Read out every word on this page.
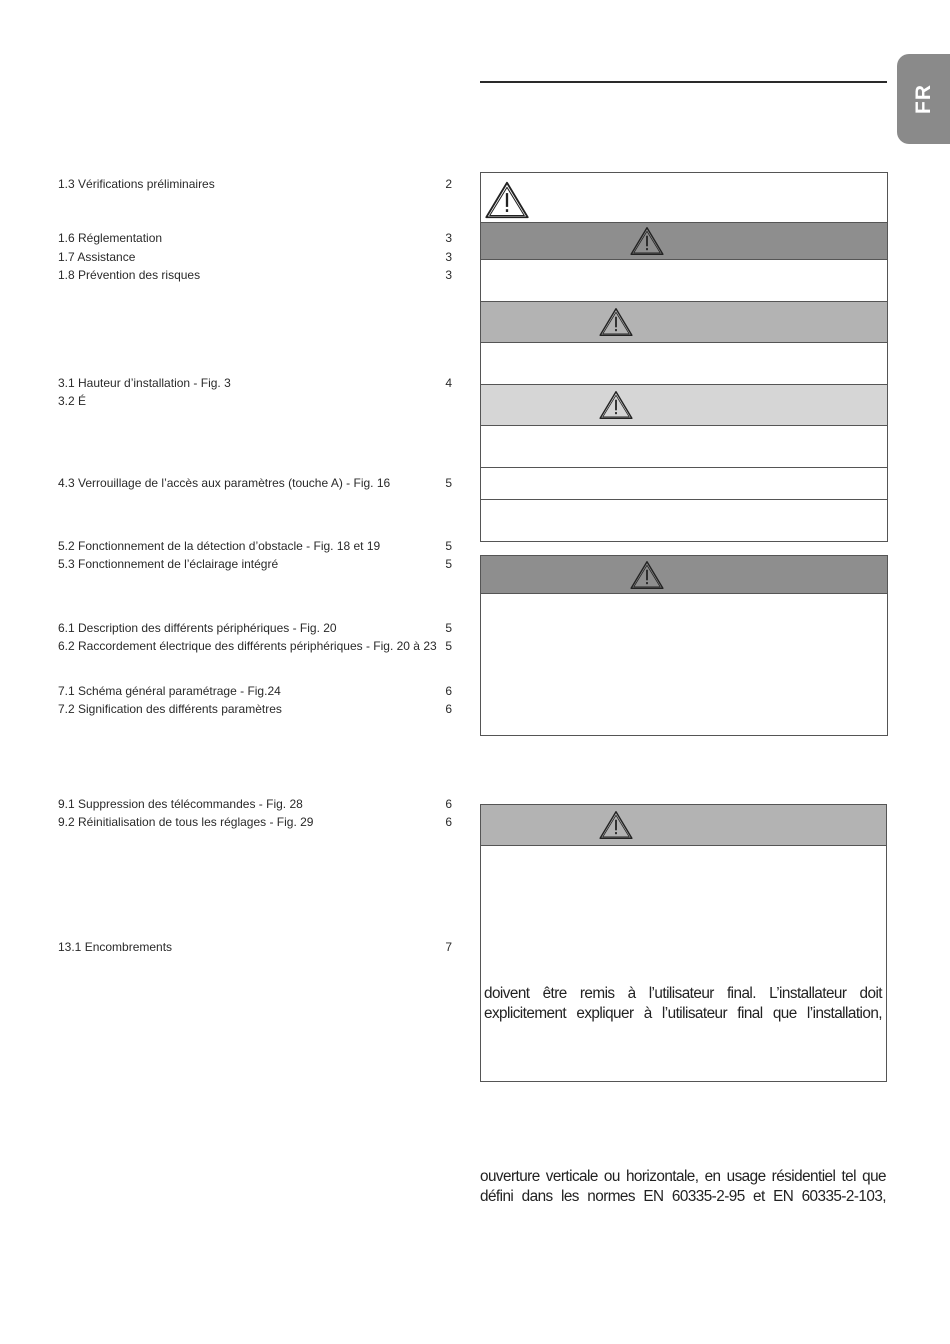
FR
1.3 Vérifications préliminaires	2
1.6 Réglementation	3
1.7 Assistance	3
1.8 Prévention des risques	3
3.1 Hauteur d’installation - Fig. 3	4
3.2 É
4.3 Verrouillage de l’accès aux paramètres (touche A) - Fig. 16	5
5.2 Fonctionnement de la détection d’obstacle - Fig. 18 et 19	5
5.3 Fonctionnement de l’éclairage intégré	5
6.1 Description des différents périphériques - Fig. 20	5
6.2 Raccordement électrique des différents périphériques - Fig. 20 à 23 5
7.1 Schéma général paramétrage - Fig.24	6
7.2 Signification des différents paramètres	6
9.1 Suppression des télécommandes - Fig. 28	6
9.2 Réinitialisation de tous les réglages - Fig. 29	6
13.1 Encombrements	7
doivent être remis à l’utilisateur final. L’installateur doit
explicitement expliquer à l’utilisateur final que l’installation,
ouverture verticale ou horizontale, en usage résidentiel tel que
défini dans les normes EN 60335-2-95 et EN 60335-2-103,
